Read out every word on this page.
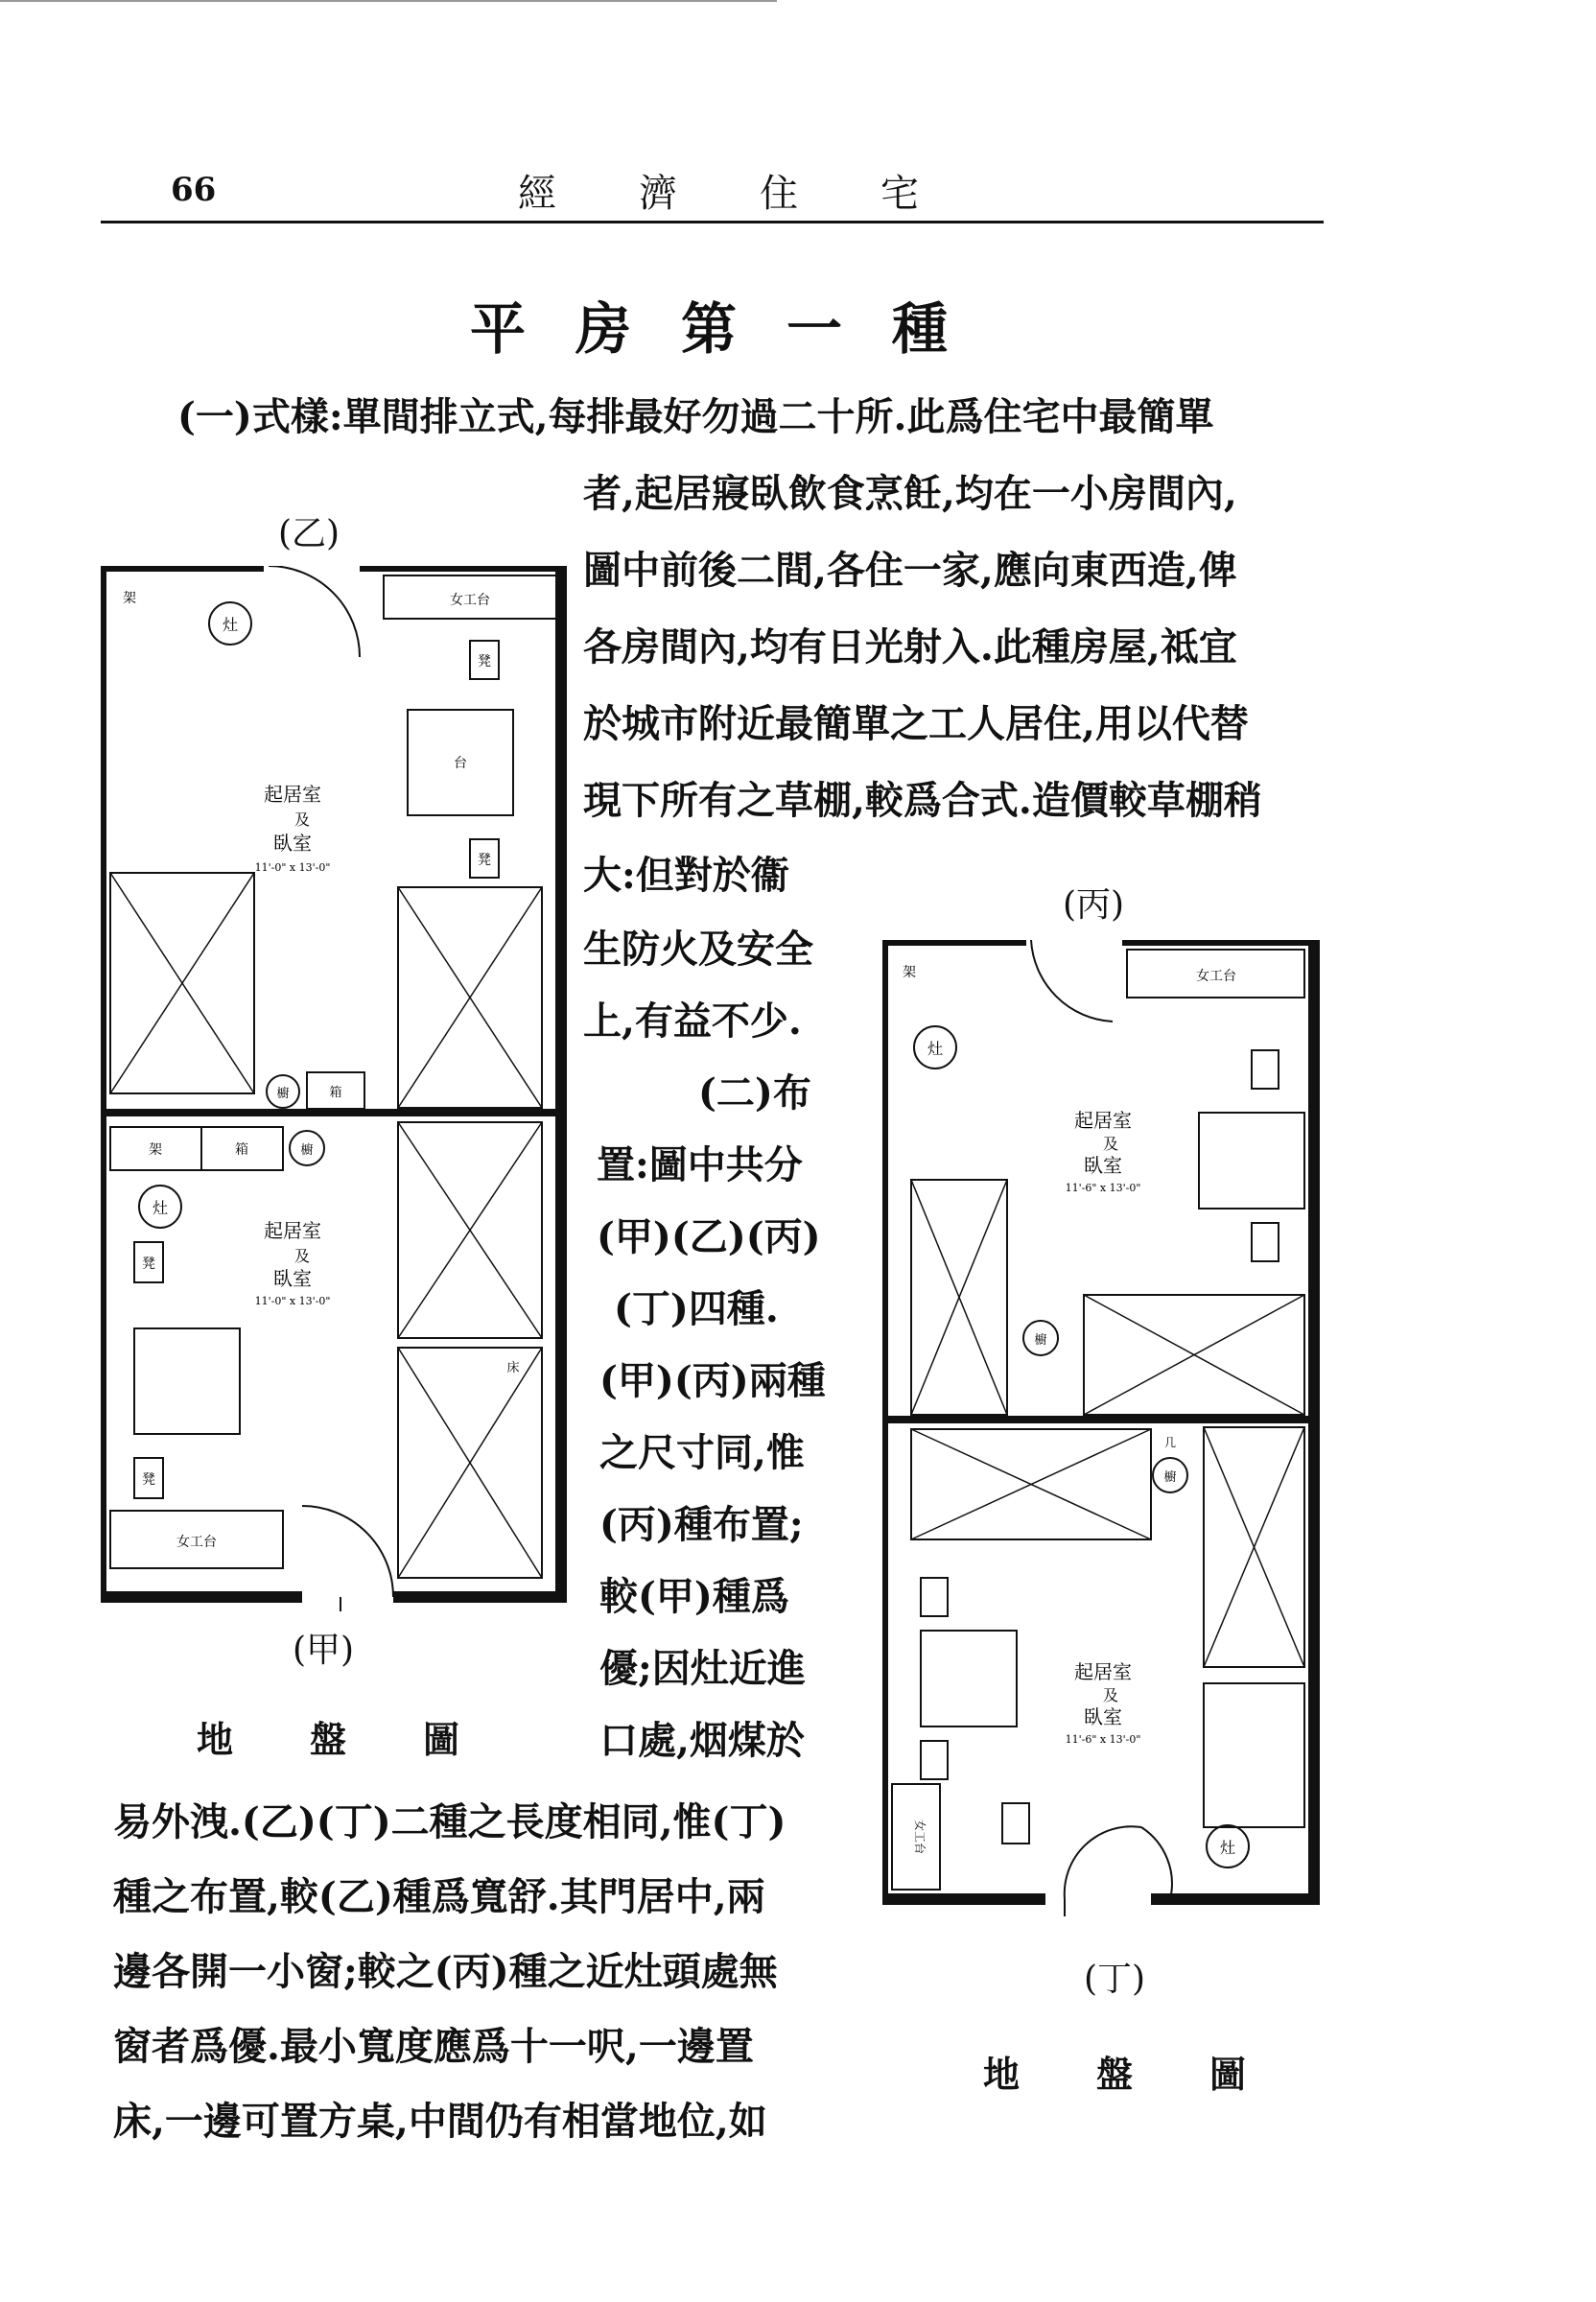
66	經濟住宅
平房第一種
(一)式樣:單間排立式,每排最好勿過二十所.此爲住宅中最簡單
者,起居寢臥飲食烹飪,均在一小房間內,
圖中前後二間,各住一家,應向東西造,俾
各房間內,均有日光射入.此種房屋,祗宜
於城市附近最簡單之工人居住,用以代替
現下所有之草棚,較爲合式.造價較草棚稍
大:但對於衞
生防火及安全
上,有益不少.
(二)布
置:圖中共分
(甲)(乙)(丙)
(丁)四種.
(甲)(丙)兩種
之尺寸同,惟
(丙)種布置;
較(甲)種爲
優;因灶近進
口處,烟煤於
易外洩.(乙)(丁)二種之長度相同,惟(丁)
種之布置,較(乙)種爲寬舒.其門居中,兩
邊各開一小窗;較之(丙)種之近灶頭處無
窗者爲優.最小寬度應爲十一呎,一邊置
床,一邊可置方桌,中間仍有相當地位,如
(乙)
(甲)
地盤圖
灶
架	女工台
凳
台
凳
起居室
及
臥室
11'-0" x 13'-0"
櫥	箱
架	箱	櫥
灶
凳
凳
女工台
起居室
及
臥室
11'-0" x 13'-0"
床
(丙)
(丁)
地盤圖
架	女工台
灶
起居室
及
臥室
11'-6" x 13'-0"
櫥
几
櫥
女工台
起居室
及
臥室
11'-6" x 13'-0"
灶
